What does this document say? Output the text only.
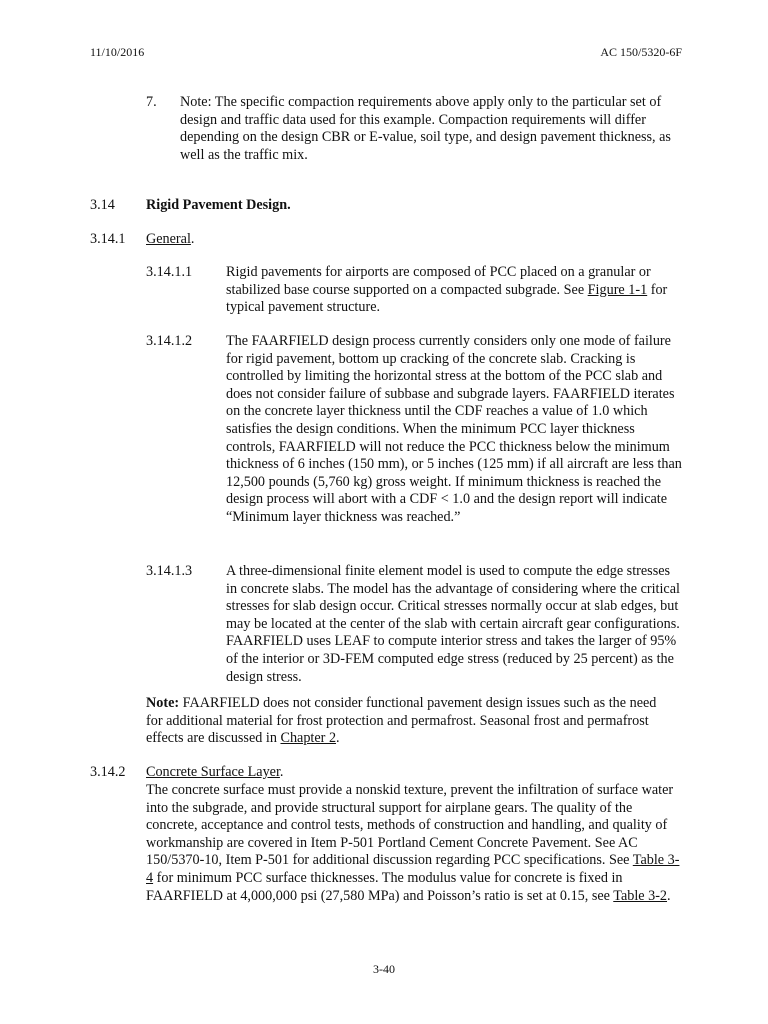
11/10/2016	AC 150/5320-6F
7. Note: The specific compaction requirements above apply only to the particular set of design and traffic data used for this example. Compaction requirements will differ depending on the design CBR or E-value, soil type, and design pavement thickness, as well as the traffic mix.

3.14 Rigid Pavement Design.
3.14.1 General.
3.14.1.1 Rigid pavements for airports are composed of PCC placed on a granular or stabilized base course supported on a compacted subgrade. See Figure 1-1 for typical pavement structure.

3.14.1.2 The FAARFIELD design process currently considers only one mode of failure for rigid pavement, bottom up cracking of the concrete slab. Cracking is controlled by limiting the horizontal stress at the bottom of the PCC slab and does not consider failure of subbase and subgrade layers. FAARFIELD iterates on the concrete layer thickness until the CDF reaches a value of 1.0 which satisfies the design conditions. When the minimum PCC layer thickness controls, FAARFIELD will not reduce the PCC thickness below the minimum thickness of 6 inches (150 mm), or 5 inches (125 mm) if all aircraft are less than 12,500 pounds (5,760 kg) gross weight. If minimum thickness is reached the design process will abort with a CDF < 1.0 and the design report will indicate “Minimum layer thickness was reached.”

3.14.1.3 A three-dimensional finite element model is used to compute the edge stresses in concrete slabs. The model has the advantage of considering where the critical stresses for slab design occur. Critical stresses normally occur at slab edges, but may be located at the center of the slab with certain aircraft gear configurations. FAARFIELD uses LEAF to compute interior stress and takes the larger of 95% of the interior or 3D-FEM computed edge stress (reduced by 25 percent) as the design stress.

Note: FAARFIELD does not consider functional pavement design issues such as the need for additional material for frost protection and permafrost. Seasonal frost and permafrost effects are discussed in Chapter 2.

3.14.2 Concrete Surface Layer.

The concrete surface must provide a nonskid texture, prevent the infiltration of surface water into the subgrade, and provide structural support for airplane gears. The quality of the concrete, acceptance and control tests, methods of construction and handling, and quality of workmanship are covered in Item P-501 Portland Cement Concrete Pavement. See AC 150/5370-10, Item P-501 for additional discussion regarding PCC specifications. See Table 3-4 for minimum PCC surface thicknesses. The modulus value for concrete is fixed in FAARFIELD at 4,000,000 psi (27,580 MPa) and Poisson’s ratio is set at 0.15, see Table 3-2.

3-40
